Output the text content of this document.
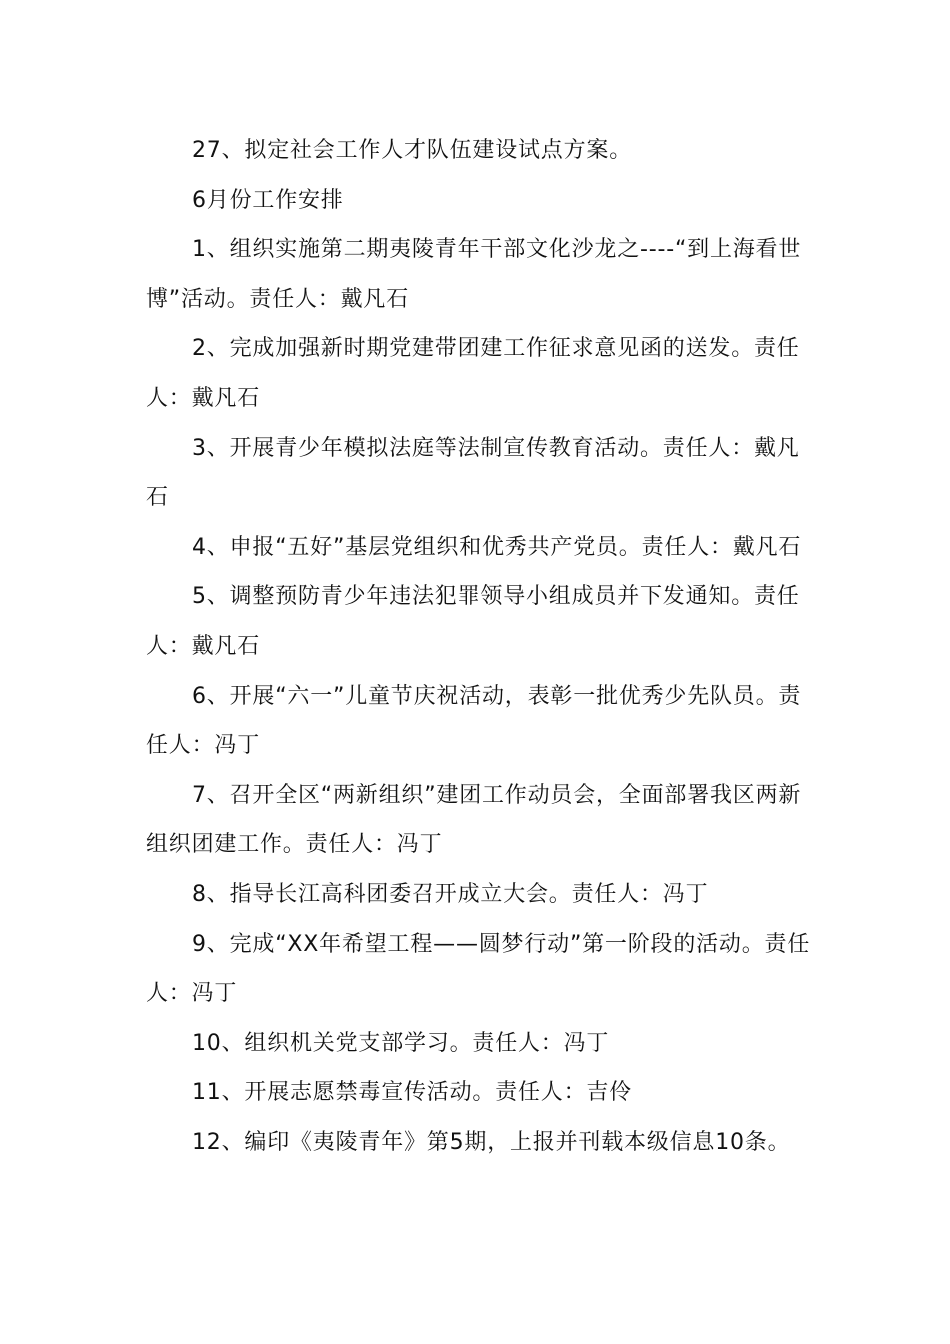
27、拟定社会工作人才队伍建设试点方案。

6月份工作安排

1、组织实施第二期夷陵青年干部文化沙龙之----“到上海看世博”活动。责任人：戴凡石

2、完成加强新时期党建带团建工作征求意见函的送发。责任人：戴凡石

3、开展青少年模拟法庭等法制宣传教育活动。责任人：戴凡石

4、申报“五好”基层党组织和优秀共产党员。责任人：戴凡石

5、调整预防青少年违法犯罪领导小组成员并下发通知。责任人：戴凡石

6、开展“六一”儿童节庆祝活动，表彰一批优秀少先队员。责任人：冯丁

7、召开全区“两新组织”建团工作动员会，全面部署我区两新组织团建工作。责任人：冯丁

8、指导长江高科团委召开成立大会。责任人：冯丁

9、完成“XX年希望工程——圆梦行动”第一阶段的活动。责任人：冯丁

10、组织机关党支部学习。责任人：冯丁

11、开展志愿禁毒宣传活动。责任人：吉伶

12、编印《夷陵青年》第5期，上报并刊载本级信息10条。
